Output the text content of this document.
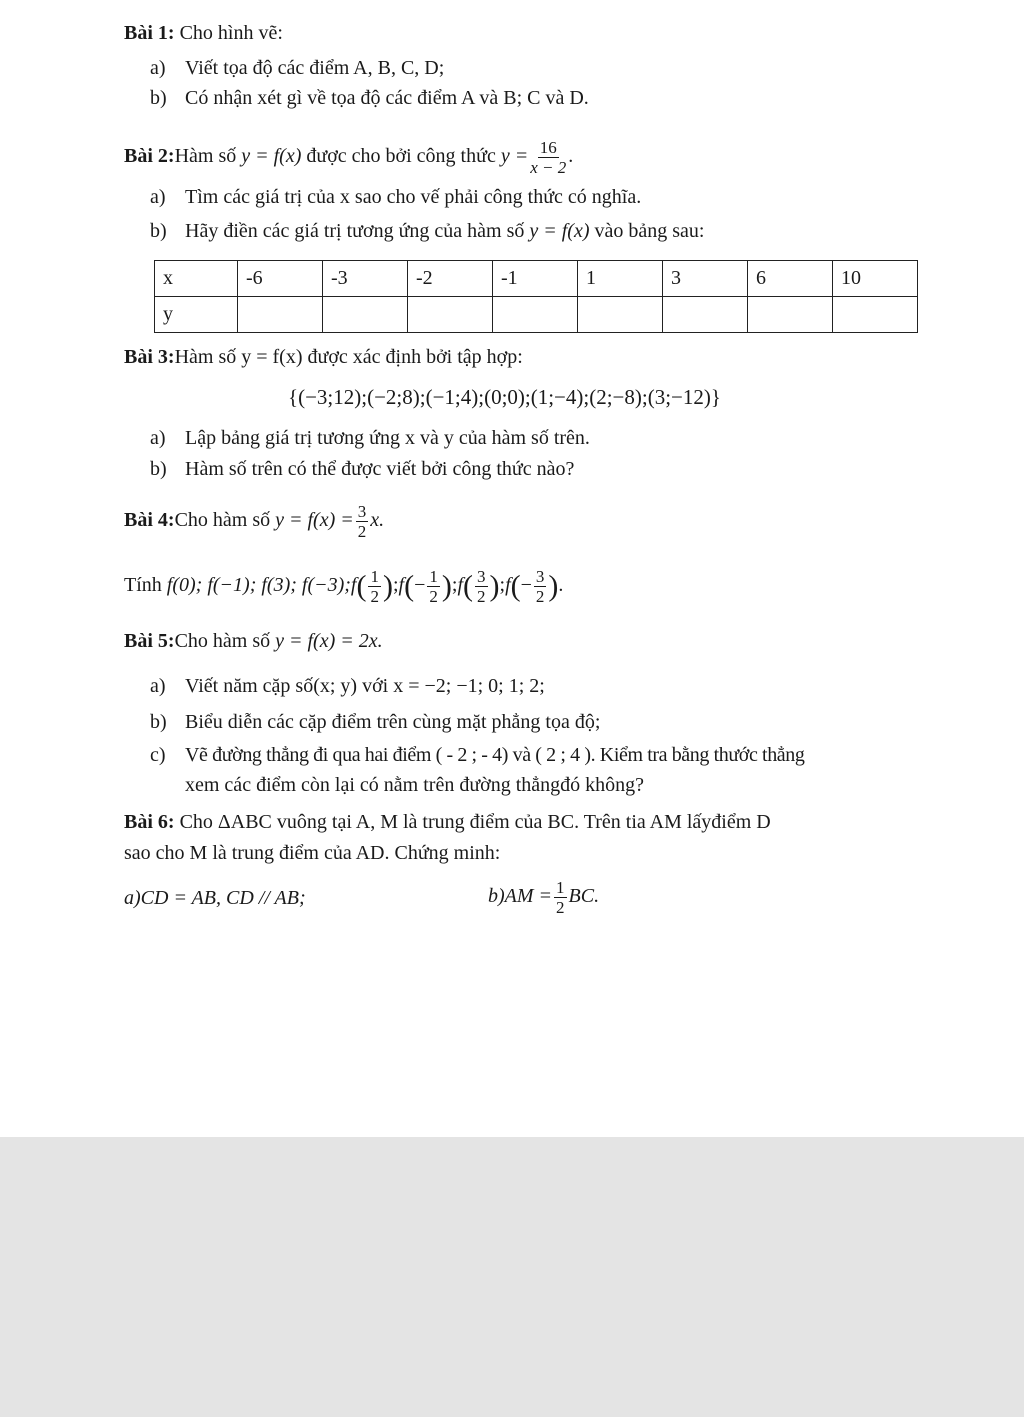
Bài 1: Cho hình vẽ:
a) Viết tọa độ các điểm A, B, C, D;
b) Có nhận xét gì về tọa độ các điểm A và B; C và D.
Bài 2:Hàm số y = f(x) được cho bởi công thức $y = \frac{16}{x - 2}$ .
a) Tìm các giá trị của x sao cho vế phải công thức có nghĩa.
b) Hãy điền các giá trị tương ứng của hàm số y = f(x) vào bảng sau:
x	-6	-3	-2	-1	1	3	6	10
y								
Bài 3:Hàm số y = f(x) được xác định bởi tập hợp:
{(−3;12);(−2;8);(−1;4);(0;0);(1;−4);(2;−8);(3;−12)}
a) Lập bảng giá trị tương ứng x và y của hàm số trên.
b) Hàm số trên có thể được viết bởi công thức nào?
Bài 4:Cho hàm số $y = f(x) = \frac{3}{2} x$.
Tính f(0); f(−1); f(3); f(−3);f( $\frac{1}{2}$ );f(− $\frac{1}{2}$ );f( $\frac{3}{2}$ );f(− $\frac{3}{2}$ ).
Bài 5:Cho hàm số y = f(x) = 2x.
a) Viết năm cặp số(x; y) với x = −2; −1; 0; 1; 2;
b) Biểu diễn các cặp điểm trên cùng mặt phẳng tọa độ;
c) Vẽ đường thẳng đi qua hai điểm ( - 2 ; - 4) và ( 2 ; 4 ). Kiểm tra bằng thước thẳng
xem các điểm còn lại có nằm trên đường thẳngđó không?
Bài 6: Cho ΔABC vuông tại A, M là trung điểm của BC. Trên tia AM lấyđiểm D
sao cho M là trung điểm của AD. Chứng minh:
a)CD = AB, CD // AB;	$b)AM = \frac{1}{2}$ BC.
